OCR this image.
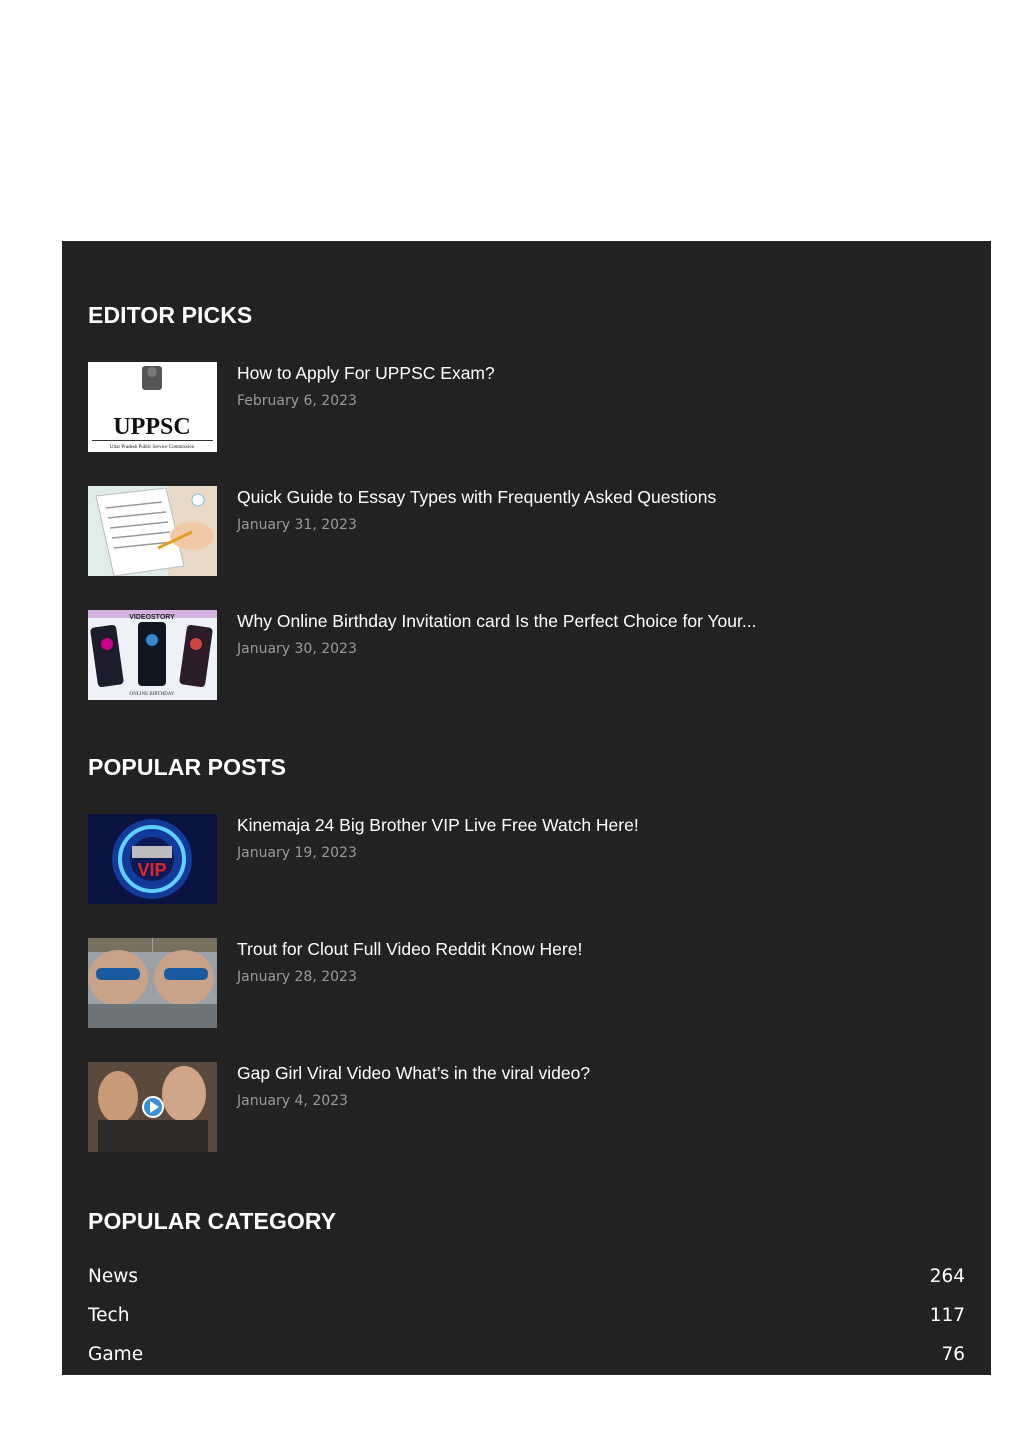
EDITOR PICKS
UPPSC
Uttar Pradesh Public Service Commission
How to Apply For UPPSC Exam?
February 6, 2023
Quick Guide to Essay Types with Frequently Asked Questions
January 31, 2023
VIDEOSTORY
ONLINE BIRTHDAY
Why Online Birthday Invitation card Is the Perfect Choice for Your...
January 30, 2023
POPULAR POSTS
VIP
Kinemaja 24 Big Brother VIP Live Free Watch Here!
January 19, 2023
Trout for Clout Full Video Reddit Know Here!
January 28, 2023
Gap Girl Viral Video What’s in the viral video?
January 4, 2023
POPULAR CATEGORY
News	264
Tech	117
Game	76
